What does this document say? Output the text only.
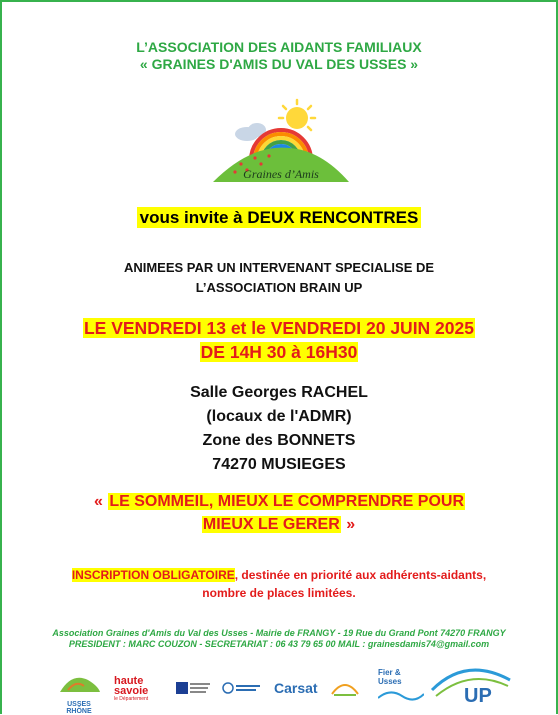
L’ASSOCIATION DES AIDANTS FAMILIAUX
« GRAINES D'AMIS DU VAL DES USSES »
Graines d’Amis
vous invite à DEUX RENCONTRES
ANIMEES PAR UN INTERVENANT SPECIALISE DE
L’ASSOCIATION BRAIN UP
LE VENDREDI 13 et le VENDREDI 20 JUIN 2025
DE 14H 30 à 16H30
Salle Georges RACHEL
(locaux de l'ADMR)
Zone des BONNETS
74270 MUSIEGES
« LE SOMMEIL, MIEUX LE COMPRENDRE POUR
MIEUX LE GERER »
INSCRIPTION OBLIGATOIRE, destinée en priorité aux adhérents-aidants,
nombre de places limitées.
Association Graines d'Amis du Val des Usses - Mairie de FRANGY - 19 Rue du Grand Pont 74270 FRANGY
PRESIDENT : MARC COUZON - SECRETARIAT : 06 43 79 65 00 MAIL : grainesdamis74@gmail.com
USSES RHÔNE
haute
savoie
le Département
Carsat
Fier & Usses
UP
